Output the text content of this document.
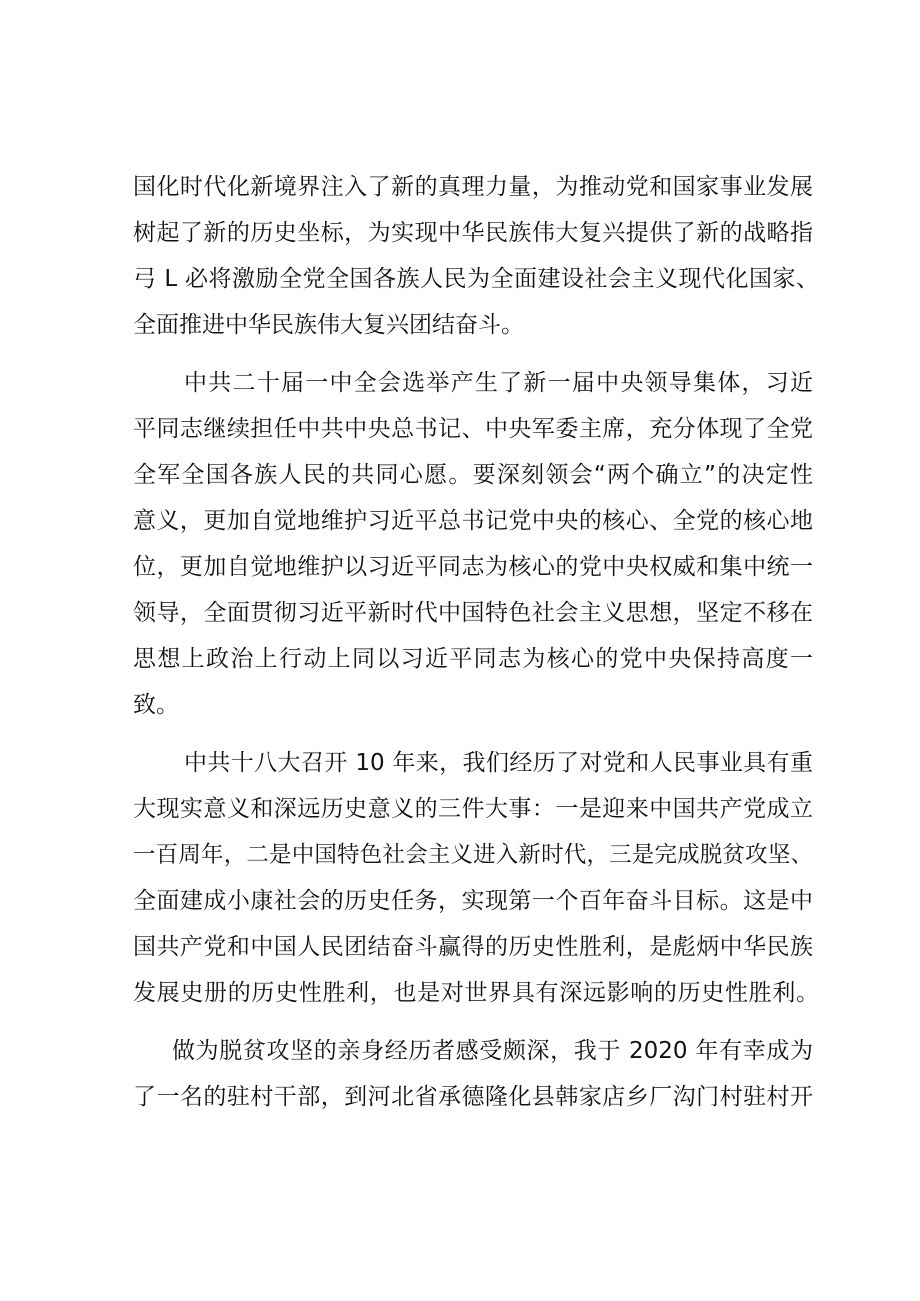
国化时代化新境界注入了新的真理力量，为推动党和国家事业发展
树起了新的历史坐标，为实现中华民族伟大复兴提供了新的战略指
弓 L 必将激励全党全国各族人民为全面建设社会主义现代化国家、
全面推进中华民族伟大复兴团结奋斗。
中共二十届一中全会选举产生了新一届中央领导集体，习近
平同志继续担任中共中央总书记、中央军委主席，充分体现了全党
全军全国各族人民的共同心愿。要深刻领会“两个确立”的决定性
意义，更加自觉地维护习近平总书记党中央的核心、全党的核心地
位，更加自觉地维护以习近平同志为核心的党中央权威和集中统一
领导，全面贯彻习近平新时代中国特色社会主义思想，坚定不移在
思想上政治上行动上同以习近平同志为核心的党中央保持高度一
致。
中共十八大召开 10 年来，我们经历了对党和人民事业具有重
大现实意义和深远历史意义的三件大事：一是迎来中国共产党成立
一百周年，二是中国特色社会主义进入新时代，三是完成脱贫攻坚、
全面建成小康社会的历史任务，实现第一个百年奋斗目标。这是中
国共产党和中国人民团结奋斗赢得的历史性胜利，是彪炳中华民族
发展史册的历史性胜利，也是对世界具有深远影响的历史性胜利。
做为脱贫攻坚的亲身经历者感受颇深，我于 2020 年有幸成为
了一名的驻村干部，到河北省承德隆化县韩家店乡厂沟门村驻村开
